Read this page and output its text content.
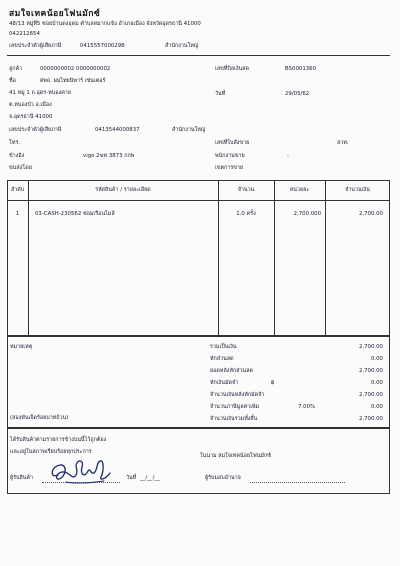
สมใจเทคน้อยโฟนมักซ์
48/13 หมู่ที่5 ซอยบ้านดงอุดม ตำบลหมากแข้ง อำเภอเมือง จังหวัดอุดรธานี 41000
042212654
เลขประจำตัวผู้เสียภาษี	0415557000298	สำนักงานใหญ่
ลูกค้า	0000000002 0000000002
ชื่อ	ศพถ. ผมไทยนิพาร์ เช่นเตอร์
41 หมู่ 1 ถ.อุดร-หนองคาย
ต.หนองบัว อ.เมือง
จ.อุดรธานี 41000
เลขประจำตัวผู้เสียภาษี	0413544000837	สำนักงานใหญ่
โทร.
ข้างอิง	vigo 2ฆท 3873 กกพ
ขนส่งโดย
เลขที่บิลเงินสด	BS0001360
วันที่	29/05/62
เลขที่ใบสั่งขาย	ลวท.
พนักงานขาย	-
เขตการขาย
ลำดับ	รหัสสินค้า / รายละเอียด	จำนวน	หน่วยละ	จำนวนเงิน
1	03-CASH-230562 ซ่อมเรือนไมล์	1.0 ครั้ง	2,700.000	2,700.00
หมายเหตุ
(สองพันเจ็ดร้อยบาทถ้วน)
รวมเป็นเงิน	2,700.00
หักส่วนลด	0.00
ยอดหลังหักส่วนลด	2,700.00
หักเงินมัดจำ	฿	0.00
จำนวนเงินหลังหักมัดจำ	2,700.00
จำนวนภาษีมูลค่าเพิ่ม	7.00%	0.00
จำนวนเงินรวมทั้งสิ้น	2,700.00
ได้รับสินค้าตามรายการข้างบนนี้ไว้ถูกต้อง
และอยู่ในสภาพเรียบร้อยทุกประการ
ในนาม สมใจเทคน้อยโฟนมักซ์
ผู้รับสินค้า	วันที่ __/__/__	ผู้รับมอบอำนาจ
